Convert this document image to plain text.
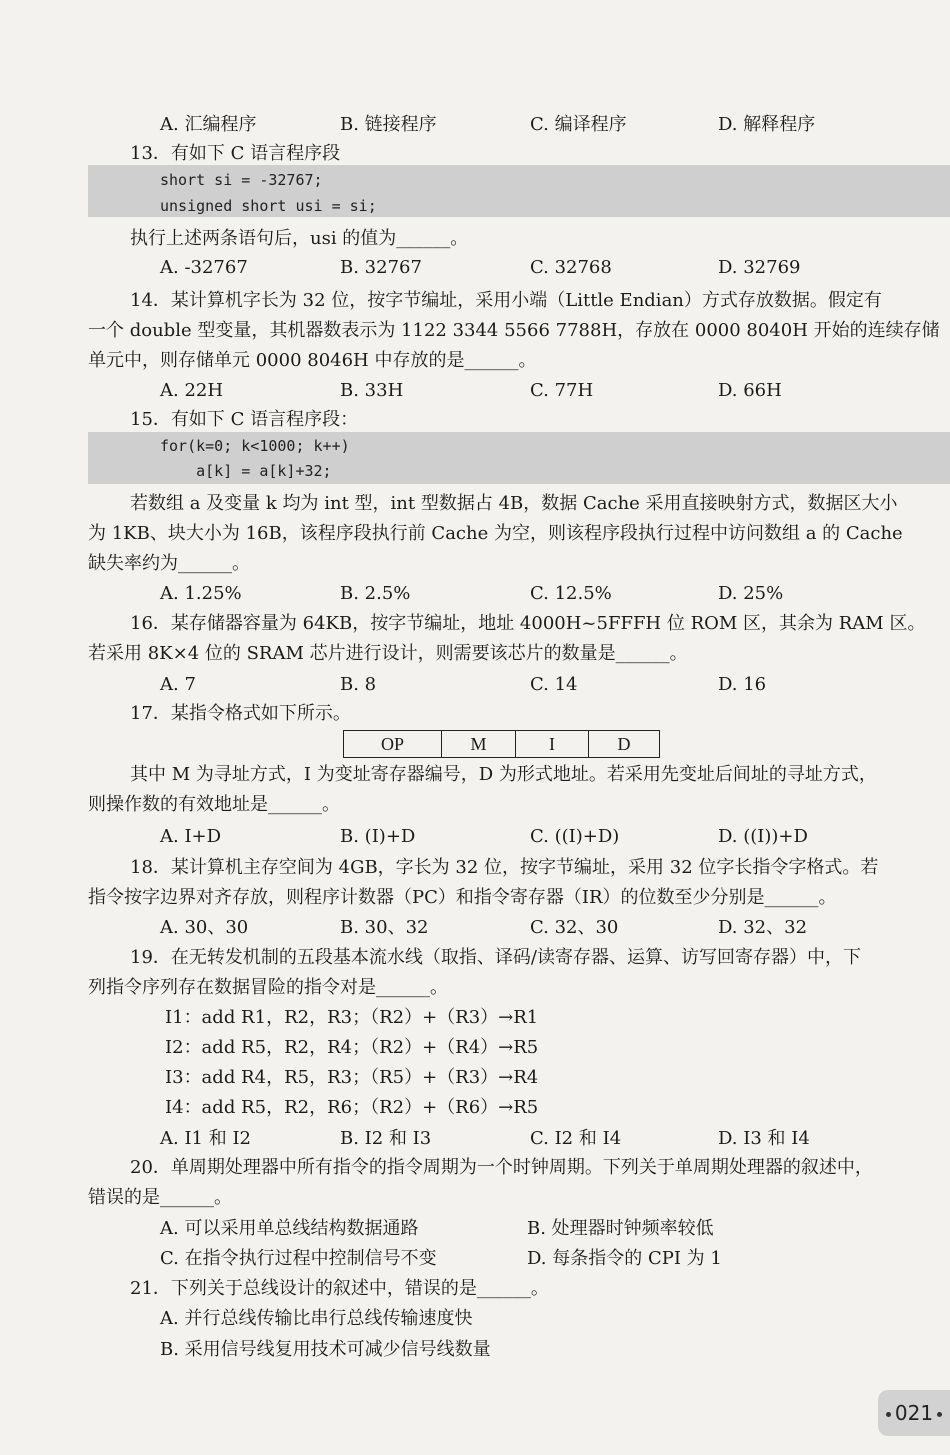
A. 汇编程序	B. 链接程序	C. 编译程序	D. 解释程序
13．有如下 C 语言程序段
short si = -32767;
unsigned short usi = si;
执行上述两条语句后，usi 的值为______。
A. -32767	B. 32767	C. 32768	D. 32769
14．某计算机字长为 32 位，按字节编址，采用小端（Little Endian）方式存放数据。假定有
一个 double 型变量，其机器数表示为 1122 3344 5566 7788H，存放在 0000 8040H 开始的连续存储
单元中，则存储单元 0000 8046H 中存放的是______。
A. 22H	B. 33H	C. 77H	D. 66H
15．有如下 C 语言程序段：
for(k=0; k<1000; k++)
a[k] = a[k]+32;
若数组 a 及变量 k 均为 int 型，int 型数据占 4B，数据 Cache 采用直接映射方式，数据区大小
为 1KB、块大小为 16B，该程序段执行前 Cache 为空，则该程序段执行过程中访问数组 a 的 Cache
缺失率约为______。
A. 1.25%	B. 2.5%	C. 12.5%	D. 25%
16．某存储器容量为 64KB，按字节编址，地址 4000H~5FFFH 位 ROM 区，其余为 RAM 区。
若采用 8K×4 位的 SRAM 芯片进行设计，则需要该芯片的数量是______。
A. 7	B. 8	C. 14	D. 16
17．某指令格式如下所示。
OP	M	I	D
其中 M 为寻址方式，I 为变址寄存器编号，D 为形式地址。若采用先变址后间址的寻址方式，
则操作数的有效地址是______。
A. I+D	B. (I)+D	C. ((I)+D)	D. ((I))+D
18．某计算机主存空间为 4GB，字长为 32 位，按字节编址，采用 32 位字长指令字格式。若
指令按字边界对齐存放，则程序计数器（PC）和指令寄存器（IR）的位数至少分别是______。
A. 30、30	B. 30、32	C. 32、30	D. 32、32
19．在无转发机制的五段基本流水线（取指、译码/读寄存器、运算、访写回寄存器）中，下
列指令序列存在数据冒险的指令对是______。
I1：add R1，R2，R3；（R2）+（R3）→R1
I2：add R5，R2，R4；（R2）+（R4）→R5
I3：add R4，R5，R3；（R5）+（R3）→R4
I4：add R5，R2，R6；（R2）+（R6）→R5
A. I1 和 I2	B. I2 和 I3	C. I2 和 I4	D. I3 和 I4
20．单周期处理器中所有指令的指令周期为一个时钟周期。下列关于单周期处理器的叙述中，
错误的是______。
A. 可以采用单总线结构数据通路	B. 处理器时钟频率较低
C. 在指令执行过程中控制信号不变	D. 每条指令的 CPI 为 1
21．下列关于总线设计的叙述中，错误的是______。
A. 并行总线传输比串行总线传输速度快
B. 采用信号线复用技术可减少信号线数量
021
